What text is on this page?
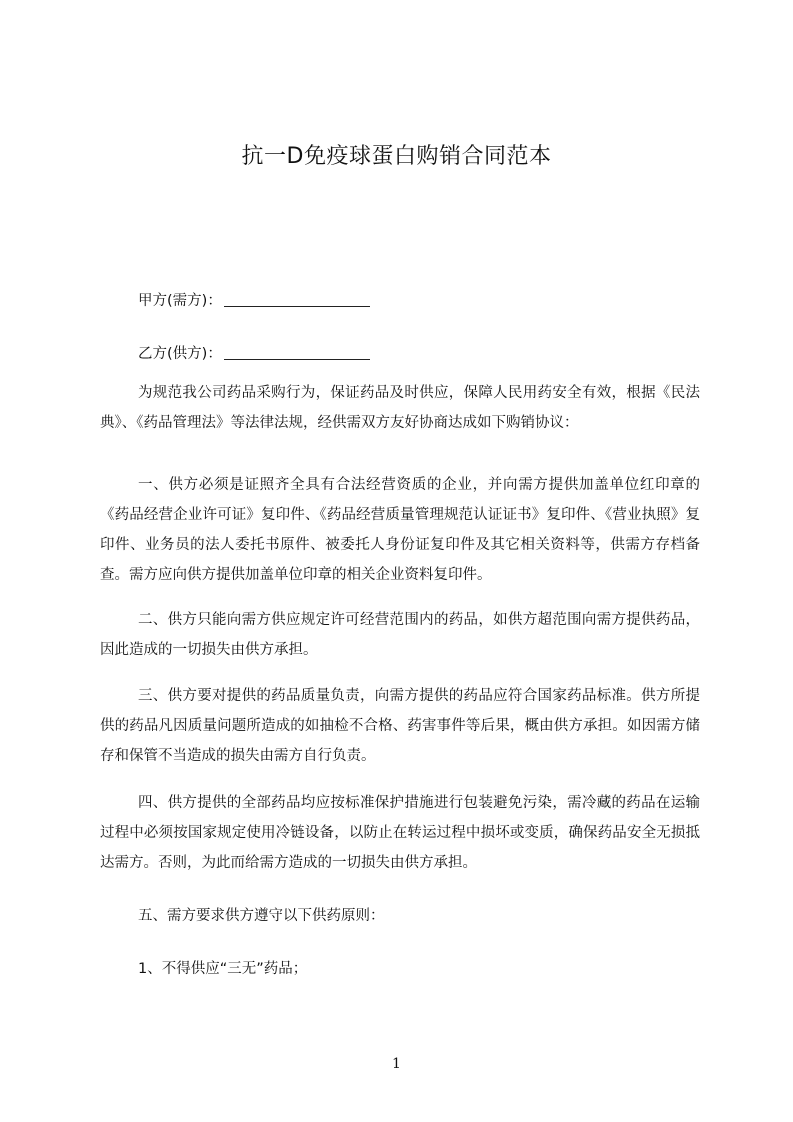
抗一D免疫球蛋白购销合同范本
甲方(需方)：
乙方(供方)：

为规范我公司药品采购行为，保证药品及时供应，保障人民用药安全有效，根据《民法典》、《药品管理法》等法律法规，经供需双方友好协商达成如下购销协议：

一、供方必须是证照齐全具有合法经营资质的企业，并向需方提供加盖单位红印章的《药品经营企业许可证》复印件、《药品经营质量管理规范认证证书》复印件、《营业执照》复印件、业务员的法人委托书原件、被委托人身份证复印件及其它相关资料等，供需方存档备查。需方应向供方提供加盖单位印章的相关企业资料复印件。

二、供方只能向需方供应规定许可经营范围内的药品，如供方超范围向需方提供药品，因此造成的一切损失由供方承担。

三、供方要对提供的药品质量负责，向需方提供的药品应符合国家药品标准。供方所提供的药品凡因质量问题所造成的如抽检不合格、药害事件等后果，概由供方承担。如因需方储存和保管不当造成的损失由需方自行负责。

四、供方提供的全部药品均应按标准保护措施进行包装避免污染，需冷藏的药品在运输过程中必须按国家规定使用冷链设备，以防止在转运过程中损坏或变质，确保药品安全无损抵达需方。否则，为此而给需方造成的一切损失由供方承担。

五、需方要求供方遵守以下供药原则：
1、不得供应“三无”药品；
1
